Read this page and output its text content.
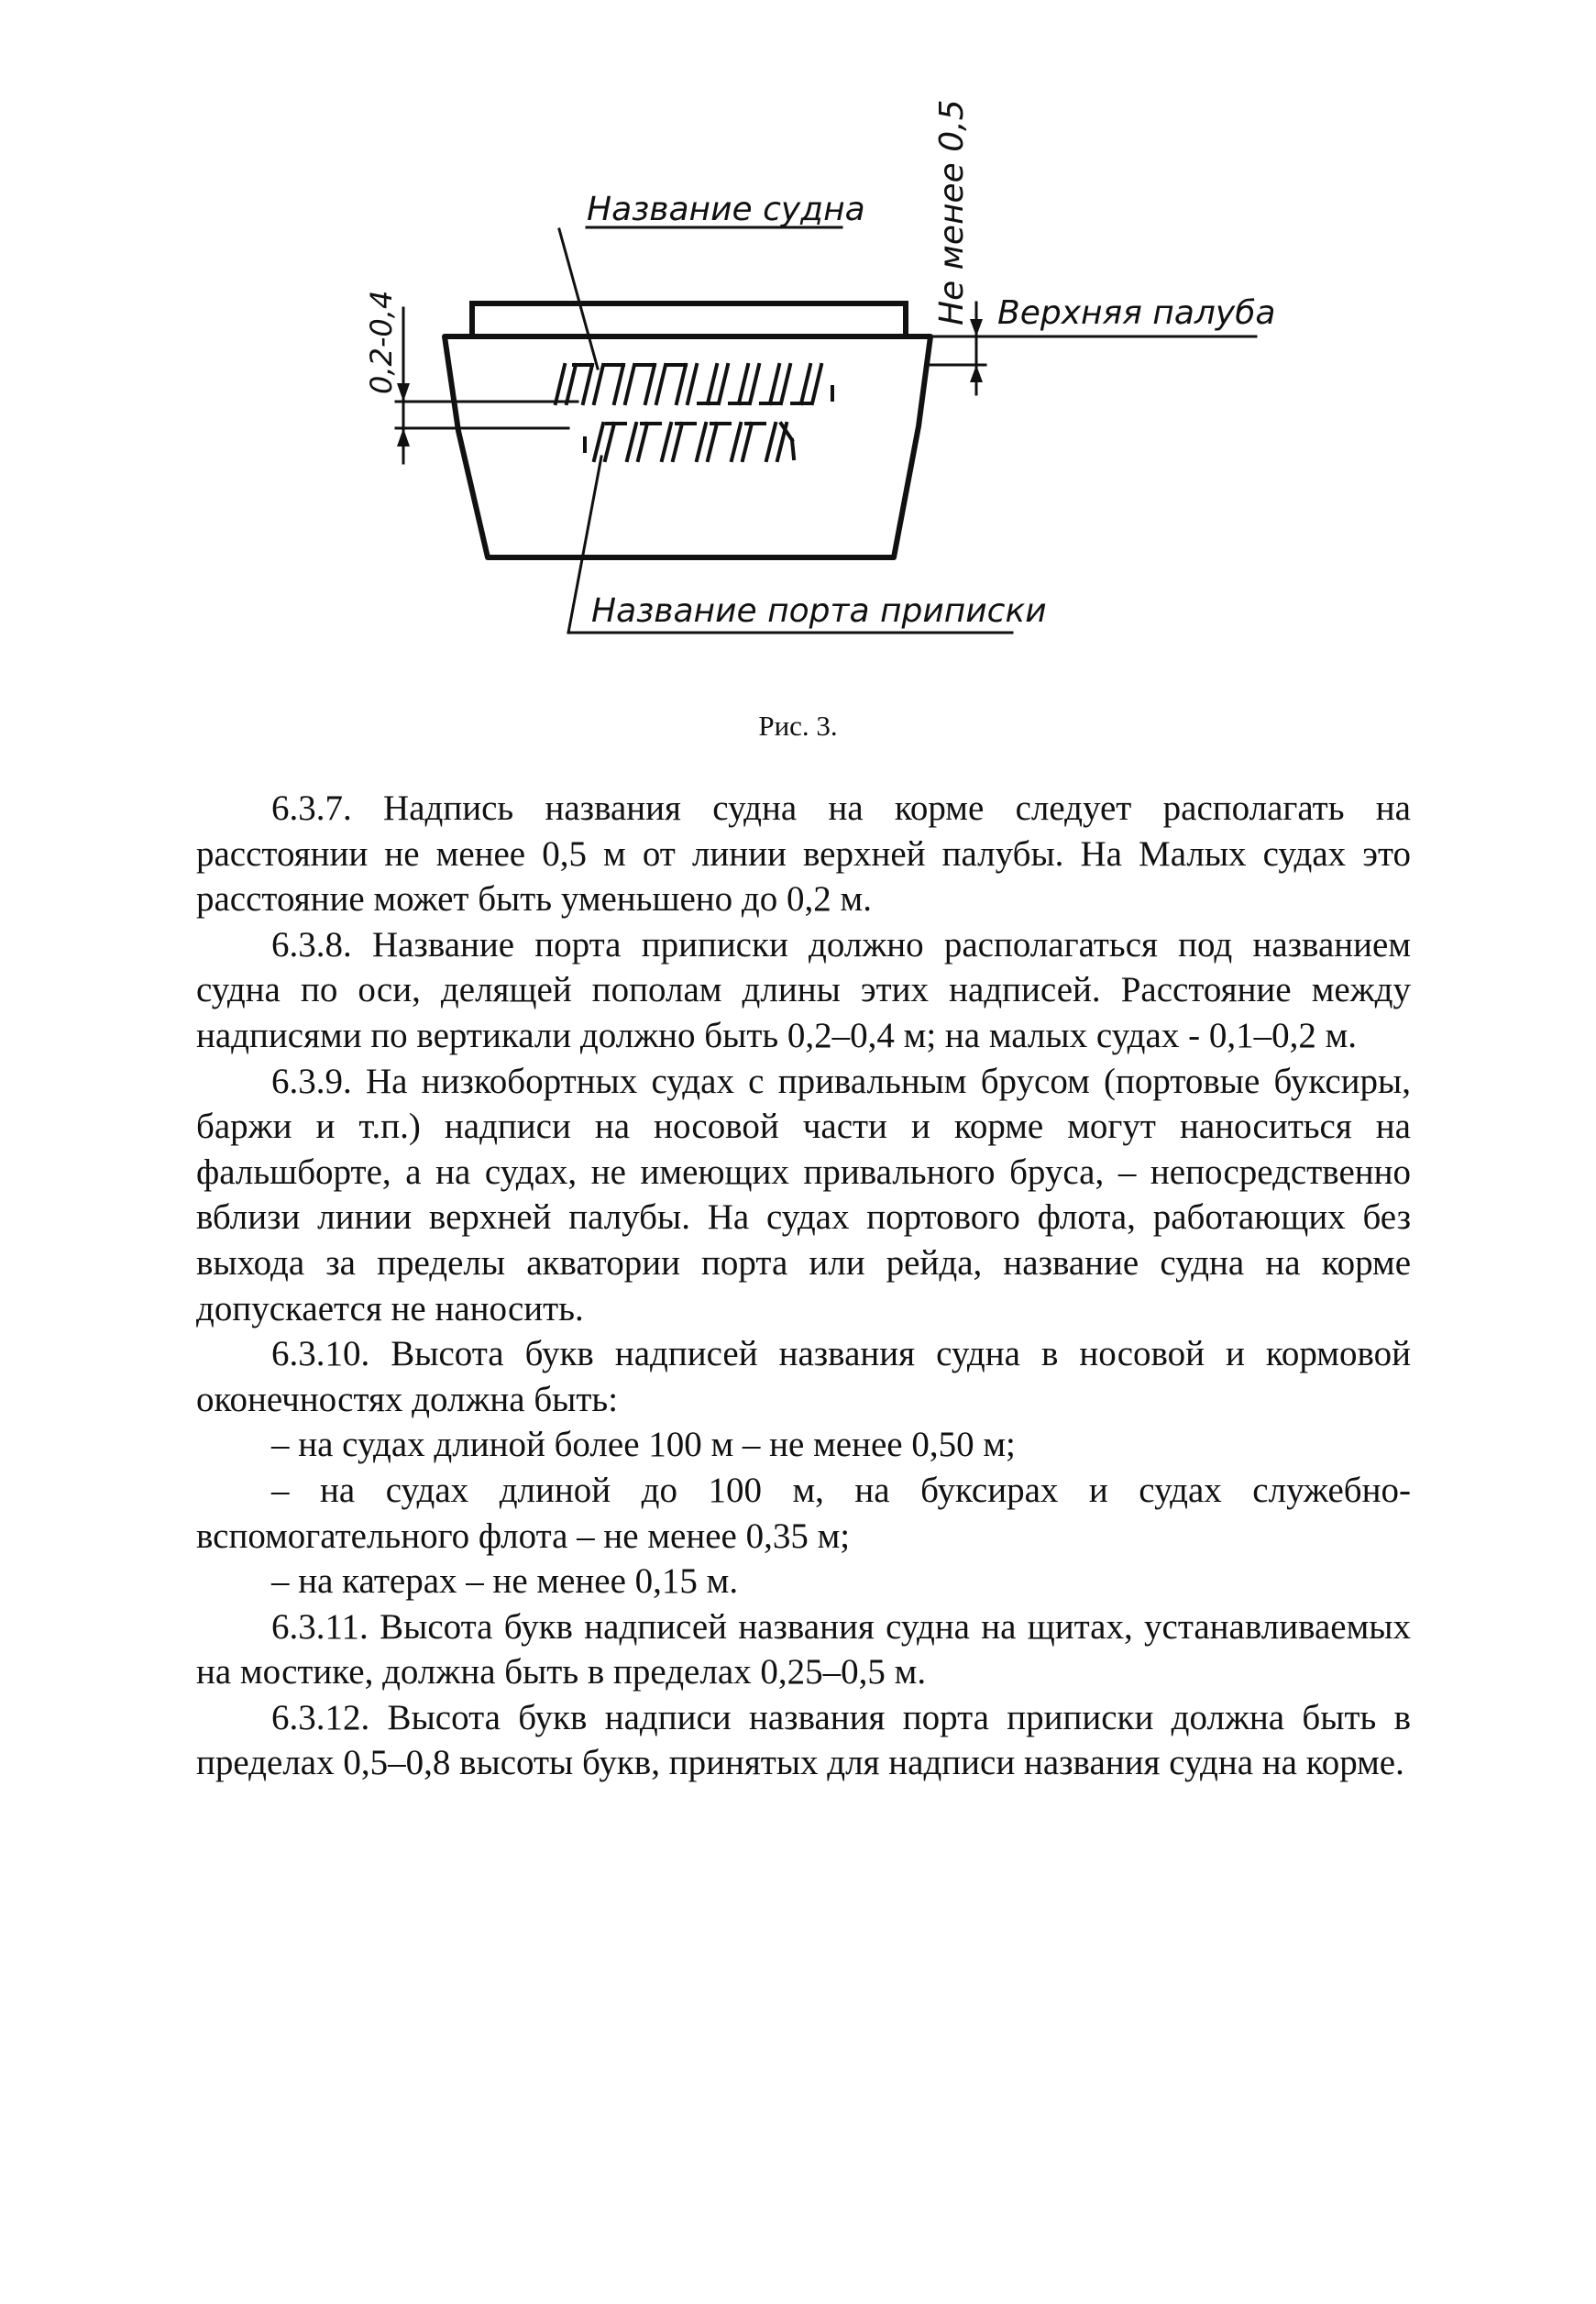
Название судна
Название порта приписки
Верхняя палуба
Не менее 0,5
0,2-0,4

Рис. 3.

6.3.7. Надпись названия судна на корме следует располагать на расстоянии не менее 0,5 м от линии верхней палубы. На Малых судах это расстояние может быть уменьшено до 0,2 м.

6.3.8. Название порта приписки должно располагаться под названием судна по оси, делящей пополам длины этих надписей. Расстояние между надписями по вертикали должно быть 0,2–0,4 м; на малых судах - 0,1–0,2 м.

6.3.9. На низкобортных судах с привальным брусом (портовые буксиры, баржи и т.п.) надписи на носовой части и корме могут наноситься на фальшборте, а на судах, не имеющих привального бруса, – непосредственно вблизи линии верхней палубы. На судах портового флота, работающих без выхода за пределы акватории порта или рейда, название судна на корме допускается не наносить.

6.3.10. Высота букв надписей названия судна в носовой и кормовой оконечностях должна быть:

– на судах длиной более 100 м – не менее 0,50 м;

– на судах длиной до 100 м, на буксирах и судах служебно-вспомогательного флота – не менее 0,35 м;

– на катерах – не менее 0,15 м.

6.3.11. Высота букв надписей названия судна на щитах, устанавливаемых на мостике, должна быть в пределах 0,25–0,5 м.

6.3.12. Высота букв надписи названия порта приписки должна быть в пределах 0,5–0,8 высоты букв, принятых для надписи названия судна на корме.
